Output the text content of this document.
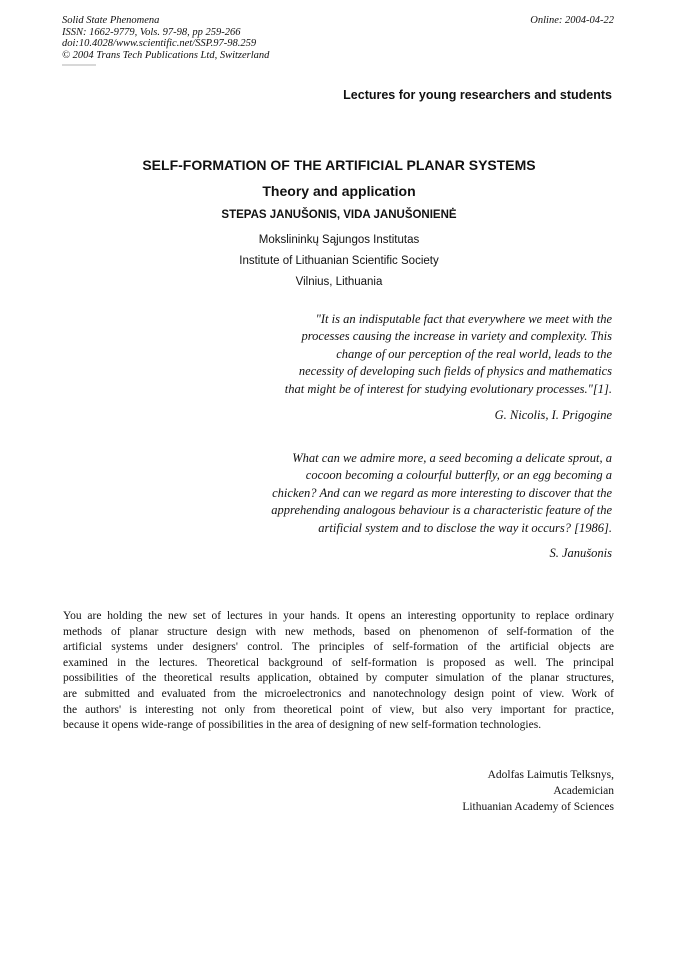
Solid State Phenomena
ISSN: 1662-9779, Vols. 97-98, pp 259-266
doi:10.4028/www.scientific.net/SSP.97-98.259
© 2004 Trans Tech Publications Ltd, Switzerland
Online: 2004-04-22
Lectures for young researchers and students
SELF-FORMATION OF THE ARTIFICIAL PLANAR SYSTEMS
Theory and application
STEPAS JANUŠONIS, VIDA JANUŠONIENĖ
Mokslininkų Sąjungos Institutas
Institute of Lithuanian Scientific Society
Vilnius, Lithuania
"It is an indisputable fact that everywhere we meet with the
processes causing the increase in variety and complexity. This
change of our perception of the real world, leads to the
necessity of developing such fields of physics and mathematics
that might be of interest for studying evolutionary processes."[1].
G. Nicolis, I. Prigogine
What can we admire more, a seed becoming a delicate sprout, a
cocoon becoming a colourful butterfly, or an egg becoming a
chicken? And can we regard as more interesting to discover that the
apprehending analogous behaviour is a characteristic feature of the
artificial system and to disclose the way it occurs? [1986].
S. Janušonis
You are holding the new set of lectures in your hands. It opens an interesting opportunity to replace ordinary
methods of planar structure design with new methods, based on phenomenon of self-formation of the
artificial systems under designers' control. The principles of self-formation of the artificial objects are
examined in the lectures. Theoretical background of self-formation is proposed as well. The principal
possibilities of the theoretical results application, obtained by computer simulation of the planar structures,
are submitted and evaluated from the microelectronics and nanotechnology design point of view. Work of
the authors' is interesting not only from theoretical point of view, but also very important for practice,
because it opens wide-range of possibilities in the area of designing of new self-formation technologies.
Adolfas Laimutis Telksnys,
Academician
Lithuanian Academy of Sciences
